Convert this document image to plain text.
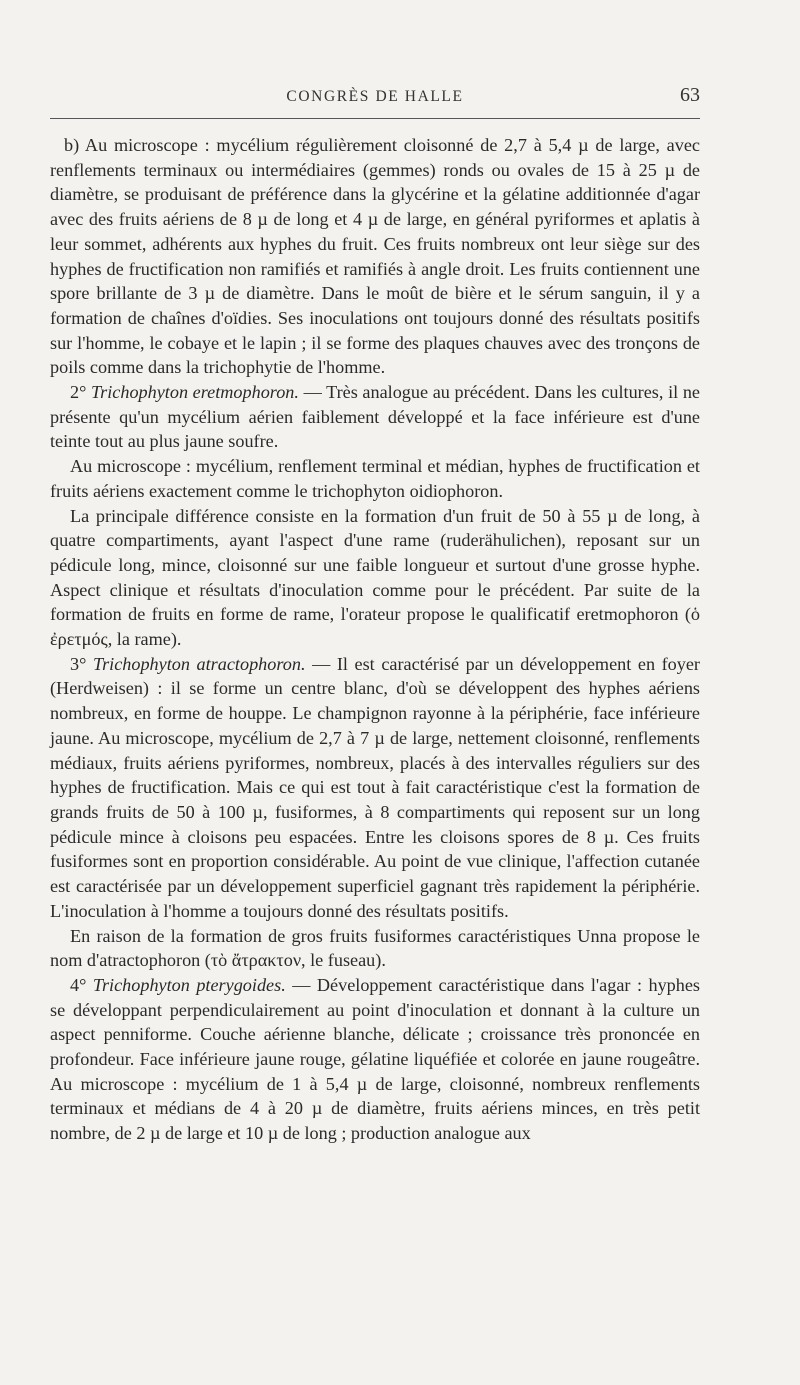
CONGRÈS DE HALLE	63

b) Au microscope : mycélium régulièrement cloisonné de 2,7 à 5,4 µ de large, avec renflements terminaux ou intermédiaires (gemmes) ronds ou ovales de 15 à 25 µ de diamètre, se produisant de préférence dans la glycérine et la gélatine additionnée d'agar avec des fruits aériens de 8 µ de long et 4 µ de large, en général pyriformes et aplatis à leur sommet, adhérents aux hyphes du fruit. Ces fruits nombreux ont leur siège sur des hyphes de fructification non ramifiés et ramifiés à angle droit. Les fruits contiennent une spore brillante de 3 µ de diamètre. Dans le moût de bière et le sérum sanguin, il y a formation de chaînes d'oïdies. Ses inoculations ont toujours donné des résultats positifs sur l'homme, le cobaye et le lapin ; il se forme des plaques chauves avec des tronçons de poils comme dans la trichophytie de l'homme.

2° Trichophyton eretmophoron. — Très analogue au précédent. Dans les cultures, il ne présente qu'un mycélium aérien faiblement développé et la face inférieure est d'une teinte tout au plus jaune soufre.

Au microscope : mycélium, renflement terminal et médian, hyphes de fructification et fruits aériens exactement comme le trichophyton oidiophoron.

La principale différence consiste en la formation d'un fruit de 50 à 55 µ de long, à quatre compartiments, ayant l'aspect d'une rame (ruderähulichen), reposant sur un pédicule long, mince, cloisonné sur une faible longueur et surtout d'une grosse hyphe. Aspect clinique et résultats d'inoculation comme pour le précédent. Par suite de la formation de fruits en forme de rame, l'orateur propose le qualificatif eretmophoron (ὁ ἐρετμός, la rame).

3° Trichophyton atractophoron. — Il est caractérisé par un développement en foyer (Herdweisen) : il se forme un centre blanc, d'où se développent des hyphes aériens nombreux, en forme de houppe. Le champignon rayonne à la périphérie, face inférieure jaune. Au microscope, mycélium de 2,7 à 7 µ de large, nettement cloisonné, renflements médiaux, fruits aériens pyriformes, nombreux, placés à des intervalles réguliers sur des hyphes de fructification. Mais ce qui est tout à fait caractéristique c'est la formation de grands fruits de 50 à 100 µ, fusiformes, à 8 compartiments qui reposent sur un long pédicule mince à cloisons peu espacées. Entre les cloisons spores de 8 µ. Ces fruits fusiformes sont en proportion considérable. Au point de vue clinique, l'affection cutanée est caractérisée par un développement superficiel gagnant très rapidement la périphérie. L'inoculation à l'homme a toujours donné des résultats positifs.

En raison de la formation de gros fruits fusiformes caractéristiques Unna propose le nom d'atractophoron (τὸ ἄτρακτον, le fuseau).

4° Trichophyton pterygoides. — Développement caractéristique dans l'agar : hyphes se développant perpendiculairement au point d'inoculation et donnant à la culture un aspect penniforme. Couche aérienne blanche, délicate ; croissance très prononcée en profondeur. Face inférieure jaune rouge, gélatine liquéfiée et colorée en jaune rougeâtre. Au microscope : mycélium de 1 à 5,4 µ de large, cloisonné, nombreux renflements terminaux et médians de 4 à 20 µ de diamètre, fruits aériens minces, en très petit nombre, de 2 µ de large et 10 µ de long ; production analogue aux
